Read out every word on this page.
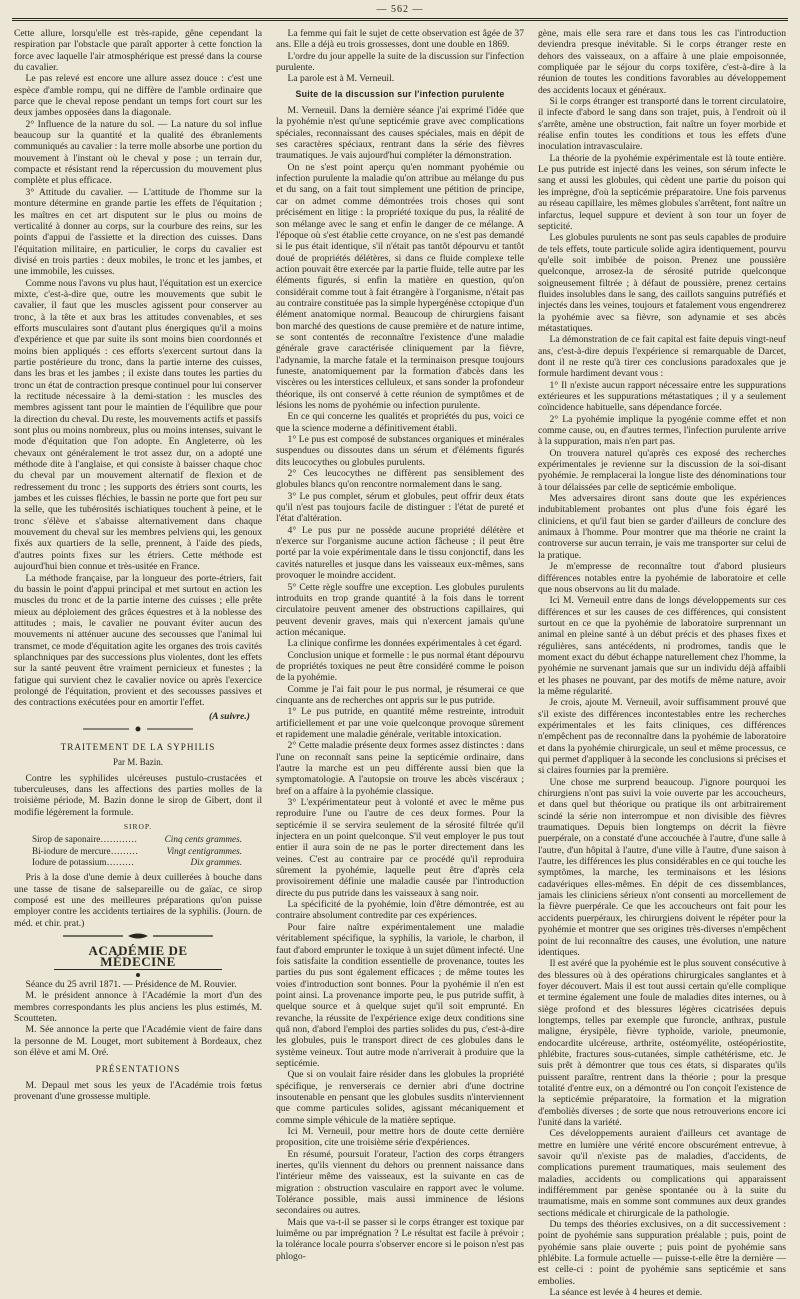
— 562 —

Cette allure, lorsqu'elle est très-rapide, gêne cependant la respiration par l'obstacle que paraît apporter à cette fonction la force avec laquelle l'air atmosphérique est pressé dans la course du cavalier.

Le pas relevé est encore une allure assez douce : c'est une espèce d'amble rompu, qui ne diffère de l'amble ordinaire que parce que le cheval repose pendant un temps fort court sur les deux jambes opposées dans la diagonale.

2° Influence de la nature du sol. — La nature du sol influe beaucoup sur la quantité et la qualité des ébranlements communiqués au cavalier : la terre molle absorbe une portion du mouvement à l'instant où le cheval y pose ; un terrain dur, compacte et résistant rend la répercussion du mouvement plus complète et plus efficace.

3° Attitude du cavalier. — L'attitude de l'homme sur la monture détermine en grande partie les effets de l'équitation ; les maîtres en cet art disputent sur le plus ou moins de verticalité à donner au corps, sur la courbure des reins, sur les points d'appui de l'assiette et la direction des cuisses. Dans l'équitation militaire, en particulier, le corps du cavalier est divisé en trois parties : deux mobiles, le tronc et les jambes, et une immobile, les cuisses.

Comme nous l'avons vu plus haut, l'équitation est un exercice mixte, c'est-à-dire que, outre les mouvements que subit le cavalier, il faut que les muscles agissent pour conserver au tronc, à la tête et aux bras les attitudes convenables, et ses efforts musculaires sont d'autant plus énergiques qu'il a moins d'expérience et que par suite ils sont moins bien coordonnés et moins bien appliqués : ces efforts s'exercent surtout dans la partie postérieure du tronc, dans la partie interne des cuisses, dans les bras et les jambes ; il existe dans toutes les parties du tronc un état de contraction presque continuel pour lui conserver la rectitude nécessaire à la demi-station : les muscles des membres agissent tant pour le maintien de l'équilibre que pour la direction du cheval. Du reste, les mouvements actifs et passifs sont plus ou moins nombreux, plus ou moins intenses, suivant le mode d'équitation que l'on adopte. En Angleterre, où les chevaux ont généralement le trot assez dur, on a adopté une méthode dite à l'anglaise, et qui consiste à baisser chaque choc du cheval par un mouvement alternatif de flexion et de redressement du tronc ; les supports des étriers sont courts, les jambes et les cuisses fléchies, le bassin ne porte que fort peu sur la selle, que les tubérosités ischiatiques touchent à peine, et le tronc s'élève et s'abaisse alternativement dans chaque mouvement du cheval sur les membres pelviens qui, les genoux fixés aux quartiers de la selle, prennent, à l'aide des pieds, d'autres points fixes sur les étriers. Cette méthode est aujourd'hui bien connue et très-usitée en France.

La méthode française, par la longueur des porte-étriers, fait du bassin le point d'appui principal et met surtout en action les muscles du tronc et de la partie interne des cuisses ; elle prête mieux au déploiement des grâces équestres et à la noblesse des attitudes ; mais, le cavalier ne pouvant éviter aucun des mouvements ni atténuer aucune des secousses que l'animal lui transmet, ce mode d'équitation agite les organes des trois cavités splanchniques par des successions plus violentes, dont les effets sur la santé peuvent être vraiment pernicieux et funestes ; la fatigue qui survient chez le cavalier novice ou après l'exercice prolongé de l'équitation, provient et des secousses passives et des contractions exécutées pour en amortir l'effet.

(A suivre.)
TRAITEMENT DE LA SYPHILIS
Par M. Bazin.

Contre les syphilides ulcéreuses pustulo-crustacées et tuberculeuses, dans les affections des parties molles de la troisième période, M. Bazin donne le sirop de Gibert, dont il modifie légèrement la formule.

SIROP.
Sirop de saponaire…………	Cinq cents grammes.
Bi-iodure de mercure………	Vingt centigrammes.
Iodure de potassium………	Dix grammes.

Pris à la dose d'une demie à deux cuillerées à bouche dans une tasse de tisane de salsepareille ou de gaïac, ce sirop composé est une des meilleures préparations qu'on puisse employer contre les accidents tertiaires de la syphilis. (Journ. de méd. et chir. prat.)

ACADÉMIE DE MÉDECINE

Séance du 25 avril 1871. — Présidence de M. Rouvier.

M. le président annonce à l'Académie la mort d'un des membres correspondants les plus anciens les plus estimés, M. Scoutteten.

M. Sée annonce la perte que l'Académie vient de faire dans la personne de M. Louget, mort subitement à Bordeaux, chez son élève et ami M. Oré.

PRÉSENTATIONS

M. Depaul met sous les yeux de l'Académie trois fœtus provenant d'une grossesse multiple.

La femme qui fait le sujet de cette observation est âgée de 37 ans. Elle a déjà eu trois grossesses, dont une double en 1869.

L'ordre du jour appelle la suite de la discussion sur l'infection purulente.

La parole est à M. Verneuil.

Suite de la discussion sur l'infection purulente

M. Verneuil. Dans la dernière séance j'ai exprimé l'idée que la pyohémie n'est qu'une septicémie grave avec complications spéciales, reconnaissant des causes spéciales, mais en dépit de ses caractères spéciaux, rentrant dans la série des fièvres traumatiques. Je vais aujourd'hui compléter la démonstration.

On ne s'est point aperçu qu'en nommant pyohémie ou infection purulente la maladie qu'on attribue au mélange du pus et du sang, on a fait tout simplement une pétition de principe, car on admet comme démontrées trois choses qui sont précisément en litige : la propriété toxique du pus, la réalité de son mélange avec le sang et enfin le danger de ce mélange. A l'époque où s'est établie cette croyance, on ne s'est pas demandé si le pus était identique, s'il n'était pas tantôt dépourvu et tantôt doué de propriétés délétères, si dans ce fluide complexe telle action pouvait être exercée par la partie fluide, telle autre par les éléments figurés, si enfin la matière en question, qu'on considérait comme tout à fait étrangère à l'organisme, n'était pas au contraire constituée pas la simple hypergénèse cctopique d'un élément anatomique normal. Beaucoup de chirurgiens faisant bon marché des questions de cause première et de nature intime, se sont contentés de reconnaître l'existence d'une maladie générale grave caractérisée cliniquement par la fièvre, l'adynamie, la marche fatale et la terminaison presque toujours funeste, anatomiquement par la formation d'abcès dans les viscères ou les interstices celluleux, et sans sonder la profondeur théorique, ils ont conservé à cette réunion de symptômes et de lésions les noms de pyohémie ou infection purulente.

En ce qui concerne les qualités et propriétés du pus, voici ce que la science moderne a définitivement établi.

1° Le pus est composé de substances organiques et minérales suspendues ou dissoutes dans un sérum et d'éléments figurés dits leucocythes ou globules purulents.

2° Ces leucocythes ne diffèrent pas sensiblement des globules blancs qu'on rencontre normalement dans le sang.

3° Le pus complet, sérum et globules, peut offrir deux états qu'il n'est pas toujours facile de distinguer : l'état de pureté et l'état d'altération.

4° Le pus pur ne possède aucune propriété délétère et n'exerce sur l'organisme aucune action fâcheuse ; il peut être porté par la voie expérimentale dans le tissu conjonctif, dans les cavités naturelles et jusque dans les vaisseaux eux-mêmes, sans provoquer le moindre accident.

5° Cette règle souffre une exception. Les globules purulents introduits en trop grande quantité à la fois dans le torrent circulatoire peuvent amener des obstructions capillaires, qui peuvent devenir graves, mais qui n'exercent jamais qu'une action mécanique.

La clinique confirme les données expérimentales à cet égard.

Conclusion unique et formelle : le pus normal étant dépourvu de propriétés toxiques ne peut être considéré comme le poison de la pyohémie.

Comme je l'ai fait pour le pus normal, je résumerai ce que cinquante ans de recherches ont appris sur le pus putride.

1° Le pus putride, en quantité même restreinte, introduit artificiellement et par une voie quelconque provoque sûrement et rapidement une maladie générale, veritable intoxication.

2° Cette maladie présente deux formes assez distinctes : dans l'une on reconnaît sans peine la septicémie ordinaire, dans l'autre la marche est un peu différente aussi bien que la symptomatologie. A l'autopsie on trouve les abcès viscéraux ; bref on a affaire à la pyohémie classique.

3° L'expérimentateur peut à volonté et avec le même pus reproduire l'une ou l'autre de ces deux formes. Pour la septicémie il se servira seulement de la sérosité filtrée qu'il injectera en un point quelconque. S'il veut employer le pus tout entier il aura soin de ne pas le porter directement dans les veines. C'est au contraire par ce procédé qu'il reproduira sûrement la pyohémie, laquelle peut être d'après cela provisoirement définie une maladie causée par l'introduction directe du pus putride dans les vaisseaux à sang noir.

La spécificité de la pyohémie, loin d'être démontrée, est au contraire absolument contredite par ces expériences.

Pour faire naître expérimentalement une maladie véritablement spécifique, la syphilis, la variole, le charbon, il faut d'abord emprunter le toxique à un sujet dûment infecté. Une fois satisfaite la condition essentielle de provenance, toutes les parties du pus sont également efficaces ; de même toutes les voies d'introduction sont bonnes. Pour la pyohémie il n'en est point ainsi. La provenance importe peu, le pus putride suffit, à quelque source et à quelque sujet qu'il soit emprunté. En revanche, la réussite de l'expérience exige deux conditions sine quâ non, d'abord l'emploi des parties solides du pus, c'est-à-dire les globules, puis le transport direct de ces globules dans le système veineux. Tout autre mode n'arriverait à produire que la septicémie.

Que si on voulait faire résider dans les globules la propriété spécifique, je renverserais ce dernier abri d'une doctrine insoutenable en pensant que les globules susdits n'interviennent que comme particules solides, agissant mécaniquement et comme simple véhicule de la matière septique.

Ici M. Verneuil, pour mettre hors de doute cette dernière proposition, cite une troisième série d'expériences.

En résumé, poursuit l'orateur, l'action des corps étrangers inertes, qu'ils viennent du dehors ou prennent naissance dans l'intérieur même des vaisseaux, est la suivante en cas de migration : obstruction vasculaire en rapport avec le volume. Tolérance possible, mais aussi imminence de lésions secondaires ou autres.

Mais que va-t-il se passer si le corps étranger est toxique par luimême ou par imprégnation ? Le résultat est facile à prévoir ; la tolérance locale pourra s'observer encore si le poison n'est pas phlogo-

gène, mais elle sera rare et dans tous les cas l'introduction deviendra presque inévitable. Si le corps étranger reste en dehors des vaisseaux, on a affaire à une plaie empoisonnée, compliquée par le séjour du corps toxifère, c'est-à-dire à la réunion de toutes les conditions favorables au développement des accidents locaux et généraux.

Si le corps étranger est transporté dans le torrent circulatoire, il infecte d'abord le sang dans son trajet, puis, à l'endroit où il s'arrête, amène une obstruction, fait naître un foyer morbide et réalise enfin toutes les conditions et tous les effets d'une inoculation intravasculaire.

La théorie de la pyohémie expérimentale est là toute entière. Le pus putride est injecté dans les veines, son sérum infecte le sang et aussi les globules, qui cèdent une partie du poison qui les imprègne, d'où la septicémie préparatoire. Une fois parvenus au réseau capillaire, les mêmes globules s'arrêtent, font naître un infarctus, lequel suppure et devient à son tour un foyer de septicité.

Les globules purulents ne sont pas seuls capables de produire de tels effets, toute particule solide agira identiquement, pourvu qu'elle soit imbibée de poison. Prenez une poussière quelconque, arrosez-la de sérosité putride quelconque soigneusement filtrée ; à défaut de poussière, prenez certains fluides insolubles dans le sang, des caillots sanguins putréfiés et injectés dans les veines, toujours et fatalement vous engendrerez la pyohémie avec sa fièvre, son adynamie et ses abcès métastatiques.

La démonstration de ce fait capital est faite depuis vingt-neuf ans, c'est-à-dire depuis l'expérience si remarquable de Darcet, dont il ne reste qu'à tirer ces conclusions paradoxales que je formule hardiment devant vous :

1° Il n'existe aucun rapport nécessaire entre les suppurations extérieures et les suppurations métastatiques ; il y a seulement coïncidence habituelle, sans dépendance forcée.

2° La pyohémie implique la pyogénie comme effet et non comme cause, ou, en d'autres termes, l'infection purulente arrive à la suppuration, mais n'en part pas.

On trouvera naturel qu'après ces exposé des recherches expérimentales je revienne sur la discussion de la soi-disant pyohémie. Je remplacerai la longue liste des dénominations tour à tour délaissées par celle de septicémie embolique.

Mes adversaires diront sans doute que les expériences indubitablement probantes ont plus d'une fois égaré les cliniciens, et qu'il faut bien se garder d'ailleurs de conclure des animaux à l'homme. Pour montrer que ma théorie ne craint la controverse sur aucun terrain, je vais me transporter sur celui de la pratique.

Je m'empresse de reconnaître tout d'abord plusieurs différences notables entre la pyohémie de laboratoire et celle que nous observons au lit du malade.

Ici M. Verneuil entre dans de longs développements sur ces différences et sur les causes de ces différences, qui consistent surtout en ce que la pyohémie de laboratoire surprennant un animal en pleine santé à un début précis et des phases fixes et régulières, sans antécédents, ni prodromes, tandis que le moment exact du début échappe naturellement chez l'homme, la pyohémie ne survenant jamais que sur un individu déjà affaibli et les phases ne pouvant, par des motifs de même nature, avoir la même régularité.

Je crois, ajoute M. Verneuil, avoir suffisamment prouvé que s'il existe des différences incontestables entre les recherches expérimentales et les faits cliniques, ces différences n'empêchent pas de reconnaître dans la pyohémie de laboratoire et dans la pyohémie chirurgicale, un seul et même processus, ce qui permet d'appliquer à la seconde les conclusions si précises et si claires fournies par la première.

Une chose me surprend beaucoup. J'ignore pourquoi les chirurgiens n'ont pas suivi la voie ouverte par les accoucheurs, et dans quel but théorique ou pratique ils ont arbitrairement scindé la série non interrompue et non divisible des fièvres traumatiques. Depuis bien longtemps on décrit la fièvre puerpérale, on a constaté d'une accouchée à l'autre, d'une salle à l'autre, d'un hôpital à l'autre, d'une ville à l'autre, d'une saison à l'autre, les différences les plus considérables en ce qui touche les symptômes, la marche, les terminaisons et les lésions cadavériques elles-mêmes. En dépit de ces dissemblances, jamais les cliniciens sérieux n'ont consenti au morcellement de la fièvre puerpérale. Ce que les accoucheurs ont fait pour les accidents puerpéraux, les chirurgiens doivent le répéter pour la pyohémie et montrer que ses origines très-diverses n'empêchent point de lui reconnaître des causes, une évolution, une nature identiques.

Il est avéré que la pyohémie est le plus souvent consécutive à des blessures où à des opérations chirurgicales sanglantes et à foyer découvert. Mais il est tout aussi certain qu'elle complique et termine également une foule de maladies dites internes, ou à siège profond et des blessures légères cicatrisées depuis longtemps, telles par exemple que furoncle, anthrax, pustule maligne, érysipèle, fièvre typhoïde, variole, pneumonie, endocardite ulcéreuse, arthrite, ostéomyélite, ostéopériostite, phlébite, fractures sous-cutanées, simple cathétérisme, etc. Je suis prêt à démontrer que tous ces états, si disparates qu'ils puissent paraître, rentrent dans la théorie ; pour la presque totalité d'entre eux, on a démontré ou l'on conçoit l'existence de la septicémie préparatoire, la formation et la migration d'emboliès diverses ; de sorte que nous retrouverions encore ici l'unité dans la variété.

Ces développements auraient d'ailleurs cet avantage de mettre en lumière une vérité encore obscurément entrevue, à savoir qu'il n'existe pas de maladies, d'accidents, de complications purement traumatiques, mais seulement des maladies, accidents ou complications qui apparaissent indifféremment par genèse spontanée ou à la suite du traumatisme, mais en somme sont communes aux deux grandes sections médicale et chirurgicale de la pathologie.

Du temps des théories exclusives, on a dit successivement : point de pyohémie sans suppuration préalable ; puis, point de pyohémie sans plaie ouverte ; puis point de pyohémie sans phlébite. La formule actuelle — puisse-t-elle être la dernière — est celle-ci : point de pyohémie sans septicémie et sans embolies.

La séance est levée à 4 heures et demie.
